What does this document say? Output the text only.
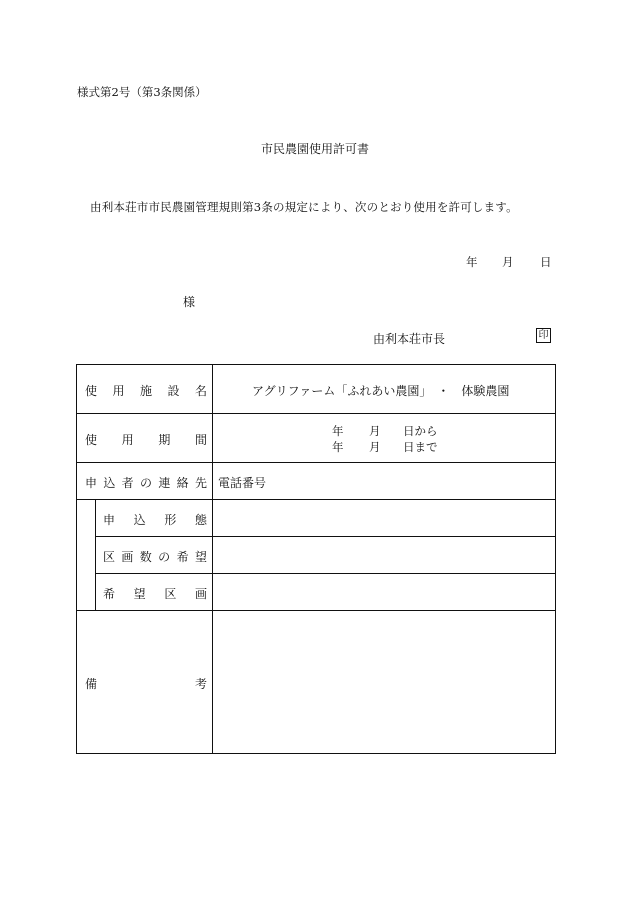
様式第2号（第3条関係）
市民農園使用許可書
由利本荘市市民農園管理規則第3条の規定により、次のとおり使用を許可します。
年 月 日
様
由利本荘市長	印
使 用 施 設 名	アグリファーム「ふれあい農園」　・　体験農園
使 用 期 間
年 月 日から
年 月 日まで
申 込 者 の 連 絡 先 電話番号
申 込 形 態
区 画 数 の 希 望
希 望 区 画
備	考
